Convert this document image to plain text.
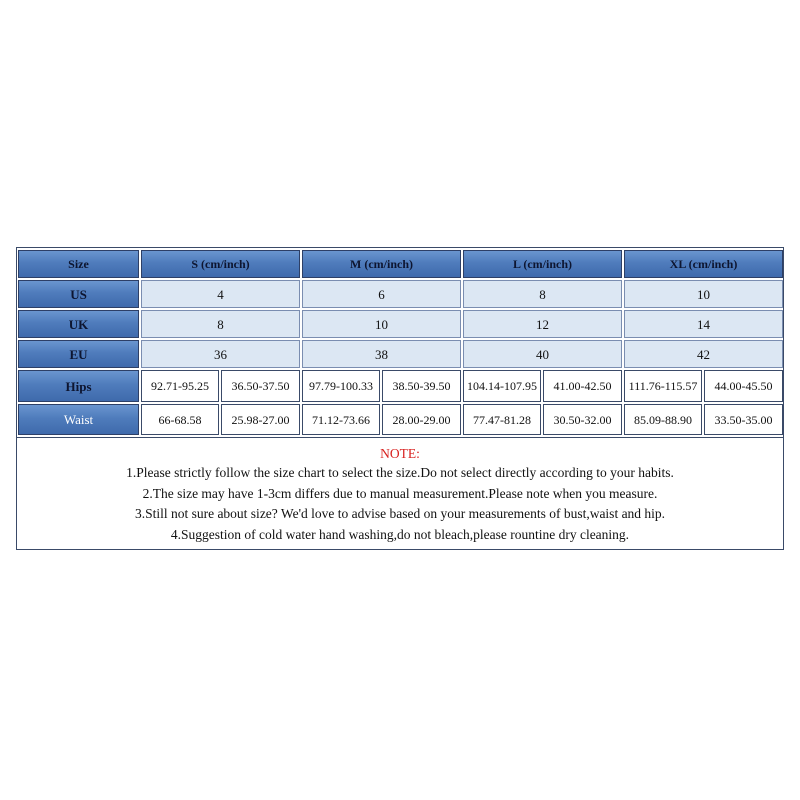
Size	S (cm/inch)	M (cm/inch)	L (cm/inch)	XL (cm/inch)
US	4	6	8	10
UK	8	10	12	14
EU	36	38	40	42
Hips	92.71-95.25	36.50-37.50	97.79-100.33	38.50-39.50	104.14-107.95	41.00-42.50	111.76-115.57	44.00-45.50
Waist	66-68.58	25.98-27.00	71.12-73.66	28.00-29.00	77.47-81.28	30.50-32.00	85.09-88.90	33.50-35.00
NOTE:
1.Please strictly follow the size chart to select the size.Do not select directly according to your habits.
2.The size may have 1-3cm differs due to manual measurement.Please note when you measure.
3.Still not sure about size? We'd love to advise based on your measurements of bust,waist and hip.
4.Suggestion of cold water hand washing,do not bleach,please rountine dry cleaning.
